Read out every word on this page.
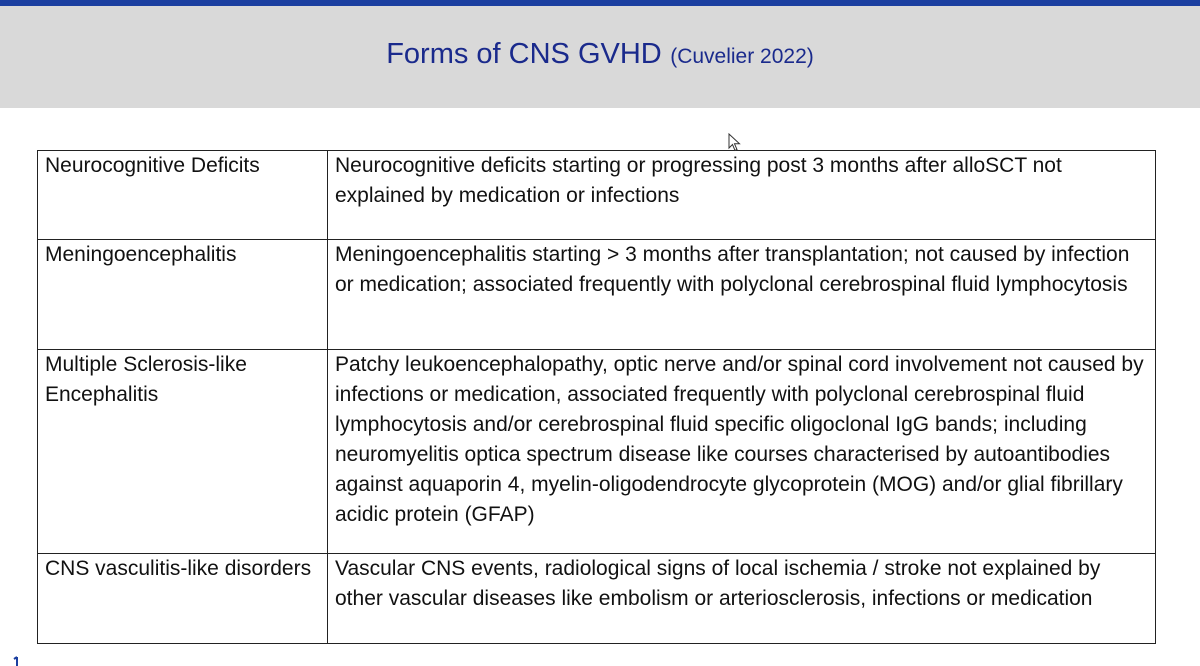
Forms of CNS GVHD (Cuvelier 2022)
Neurocognitive Deficits	Neurocognitive deficits starting or progressing post 3 months after alloSCT not explained by medication or infections
Meningoencephalitis	Meningoencephalitis starting > 3 months after transplantation; not caused by infection or medication; associated frequently with polyclonal cerebrospinal fluid lymphocytosis
Multiple Sclerosis-like Encephalitis	Patchy leukoencephalopathy, optic nerve and/or spinal cord involvement not caused by infections or medication, associated frequently with polyclonal cerebrospinal fluid lymphocytosis and/or cerebrospinal fluid specific oligoclonal IgG bands; including neuromyelitis optica spectrum disease like courses characterised by autoantibodies against aquaporin 4, myelin-oligodendrocyte glycoprotein (MOG) and/or glial fibrillary acidic protein (GFAP)
CNS vasculitis-like disorders	Vascular CNS events, radiological signs of local ischemia / stroke not explained by other vascular diseases like embolism or arteriosclerosis, infections or medication
